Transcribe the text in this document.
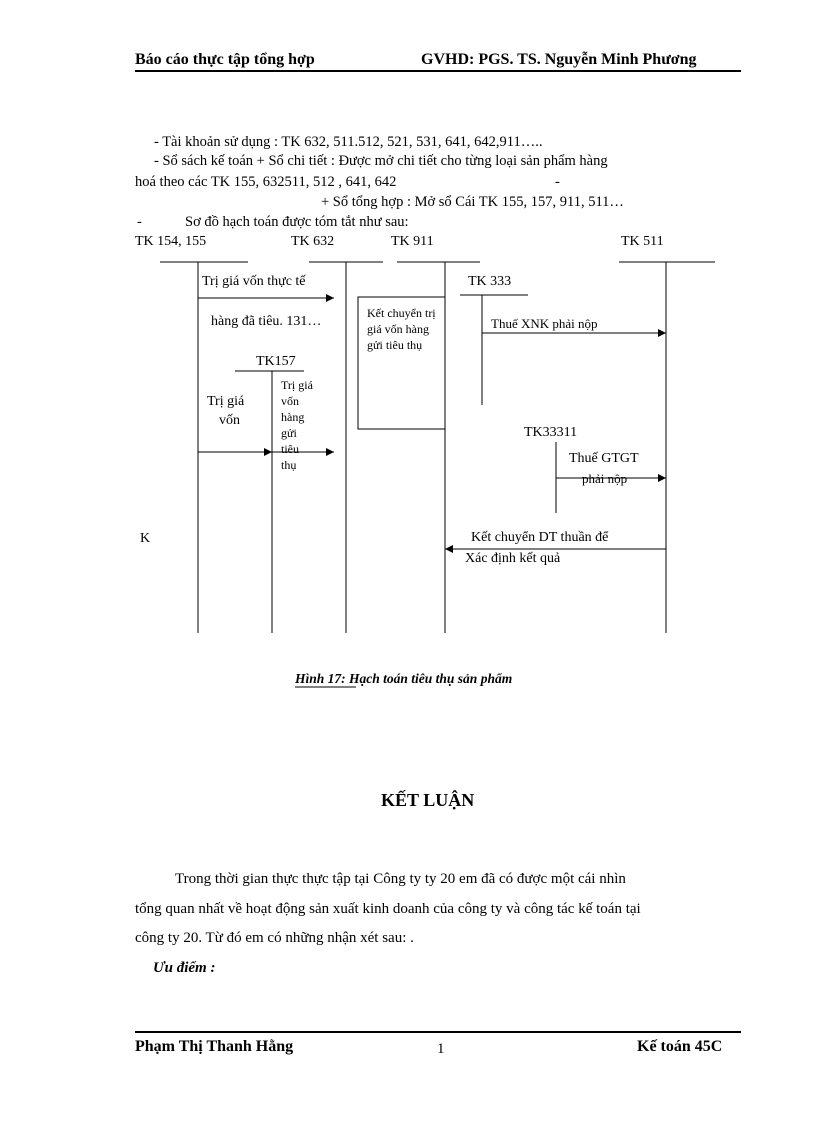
Báo cáo thực tập tổng hợp	GVHD: PGS. TS. Nguyễn Minh Phương
- Tài khoản sử dụng : TK 632, 511.512, 521, 531, 641, 642,911…..
- Sổ sách kế toán + Sổ chi tiết : Được mở chi tiết cho từng loại sản phẩm hàng
hoá theo các TK 155, 632511, 512 , 641, 642	-
+ Sổ tổng hợp : Mở sổ Cái TK 155, 157, 911, 511…
-	Sơ đồ hạch toán được tóm tắt như sau:
TK 154, 155	TK 632	TK 911	TK 511
Trị giá vốn thực tế
hàng đã tiêu. 131…
TK 333
Thuế XNK phải nộp
Kết chuyển trị giá vốn hàng gửi tiêu thụ
TK157
Trị giá
vốn
Trị giá vốn hàng gửi tiêu thụ
TK33311
Thuế GTGT
phải nộp
K	Kết chuyển DT thuần để
Xác định kết quả
Hình 17: Hạch toán tiêu thụ sản phẩm
KẾT LUẬN
Trong thời gian thực thực tập tại Công ty ty 20 em đã có được một cái nhìn
tổng quan nhất về hoạt động sản xuất kinh doanh của công ty và công tác kế toán tại
công ty 20. Từ đó em có những nhận xét sau: .
Ưu điểm :
Phạm Thị Thanh Hằng	1	Kế toán 45C
